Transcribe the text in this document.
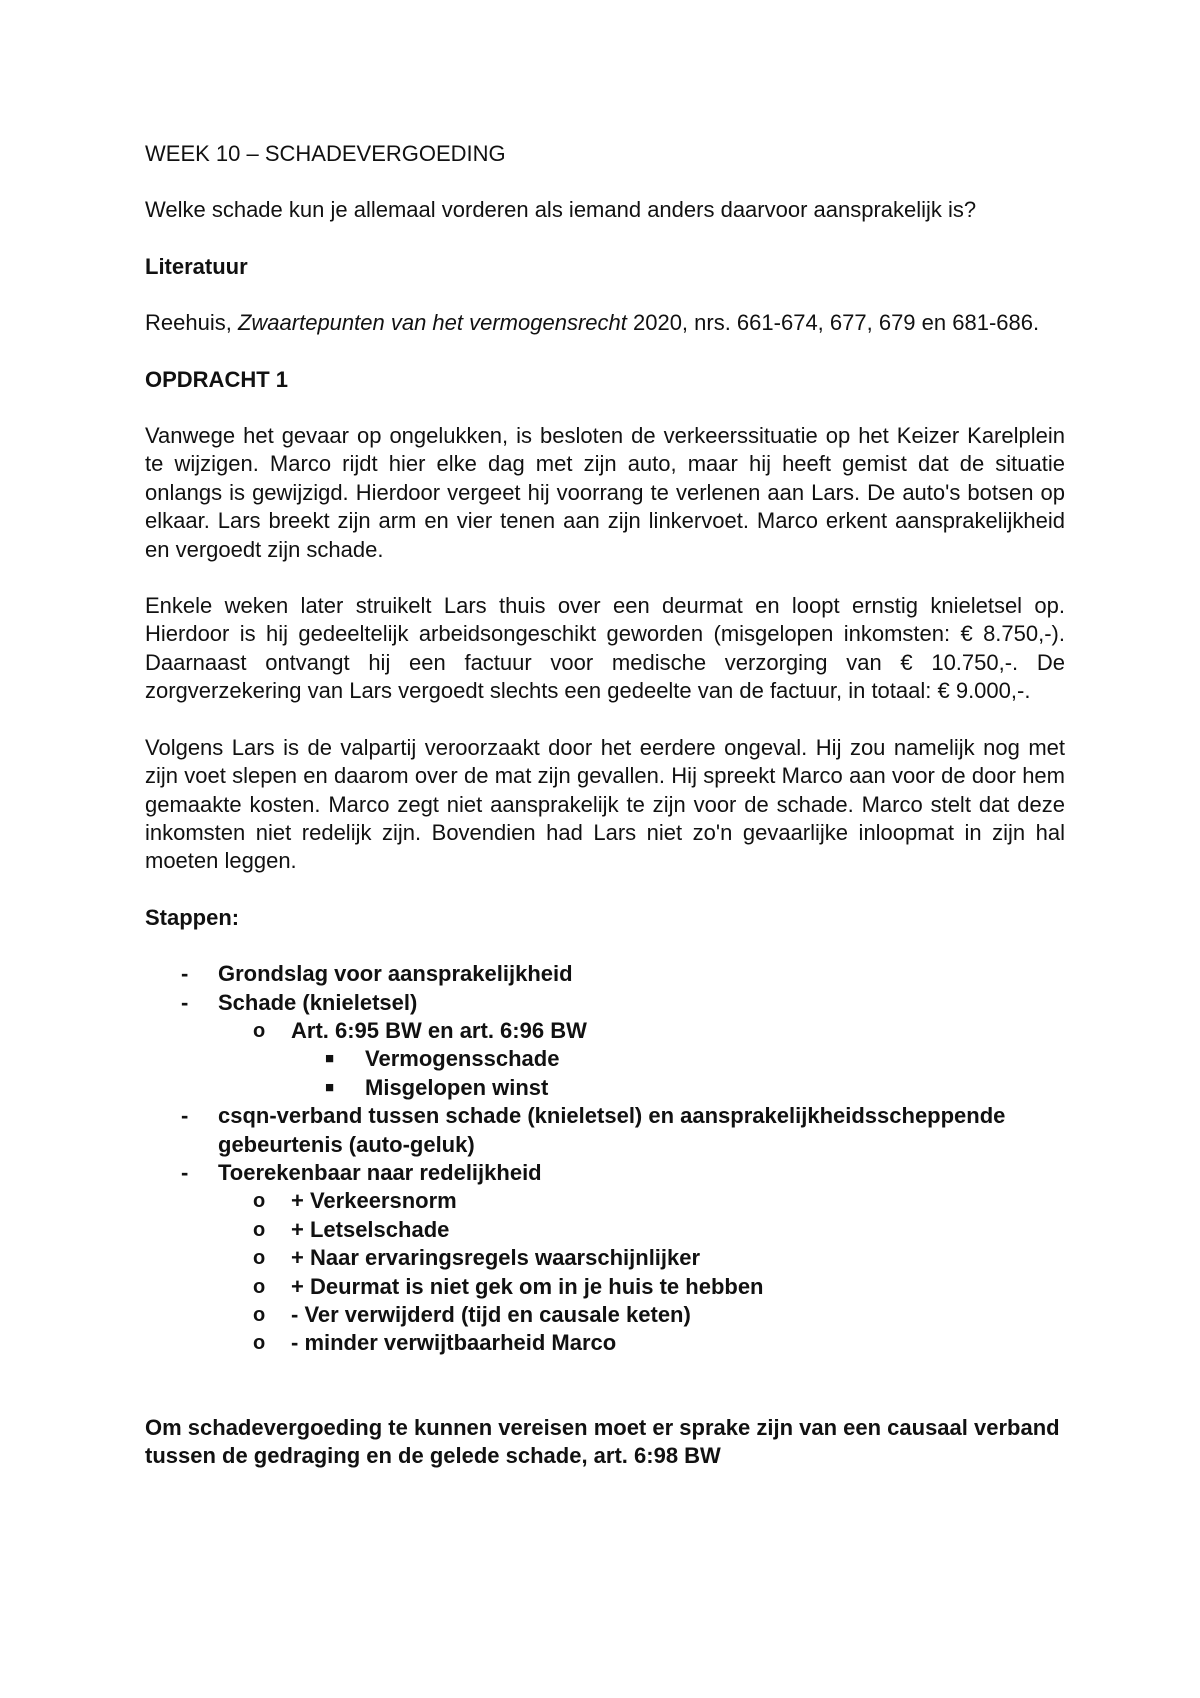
WEEK 10 – SCHADEVERGOEDING

Welke schade kun je allemaal vorderen als iemand anders daarvoor aansprakelijk is?

Literatuur

Reehuis, Zwaartepunten van het vermogensrecht 2020, nrs. 661-674, 677, 679 en 681-686.

OPDRACHT 1

Vanwege het gevaar op ongelukken, is besloten de verkeerssituatie op het Keizer Karelplein te wijzigen. Marco rijdt hier elke dag met zijn auto, maar hij heeft gemist dat de situatie onlangs is gewijzigd. Hierdoor vergeet hij voorrang te verlenen aan Lars. De auto's botsen op elkaar. Lars breekt zijn arm en vier tenen aan zijn linkervoet. Marco erkent aansprakelijkheid en vergoedt zijn schade.

Enkele weken later struikelt Lars thuis over een deurmat en loopt ernstig knieletsel op. Hierdoor is hij gedeeltelijk arbeidsongeschikt geworden (misgelopen inkomsten: € 8.750,-). Daarnaast ontvangt hij een factuur voor medische verzorging van € 10.750,-. De zorgverzekering van Lars vergoedt slechts een gedeelte van de factuur, in totaal: € 9.000,-.

Volgens Lars is de valpartij veroorzaakt door het eerdere ongeval. Hij zou namelijk nog met zijn voet slepen en daarom over de mat zijn gevallen. Hij spreekt Marco aan voor de door hem gemaakte kosten. Marco zegt niet aansprakelijk te zijn voor de schade. Marco stelt dat deze inkomsten niet redelijk zijn. Bovendien had Lars niet zo'n gevaarlijke inloopmat in zijn hal moeten leggen.

Stappen:

- Grondslag voor aansprakelijkheid
- Schade (knieletsel)
o Art. 6:95 BW en art. 6:96 BW
■ Vermogensschade
■ Misgelopen winst
- csqn-verband tussen schade (knieletsel) en aansprakelijkheidsscheppende gebeurtenis (auto-geluk)
- Toerekenbaar naar redelijkheid
o + Verkeersnorm
o + Letselschade
o + Naar ervaringsregels waarschijnlijker
o + Deurmat is niet gek om in je huis te hebben
o - Ver verwijderd (tijd en causale keten)
o - minder verwijtbaarheid Marco

Om schadevergoeding te kunnen vereisen moet er sprake zijn van een causaal verband tussen de gedraging en de gelede schade, art. 6:98 BW
